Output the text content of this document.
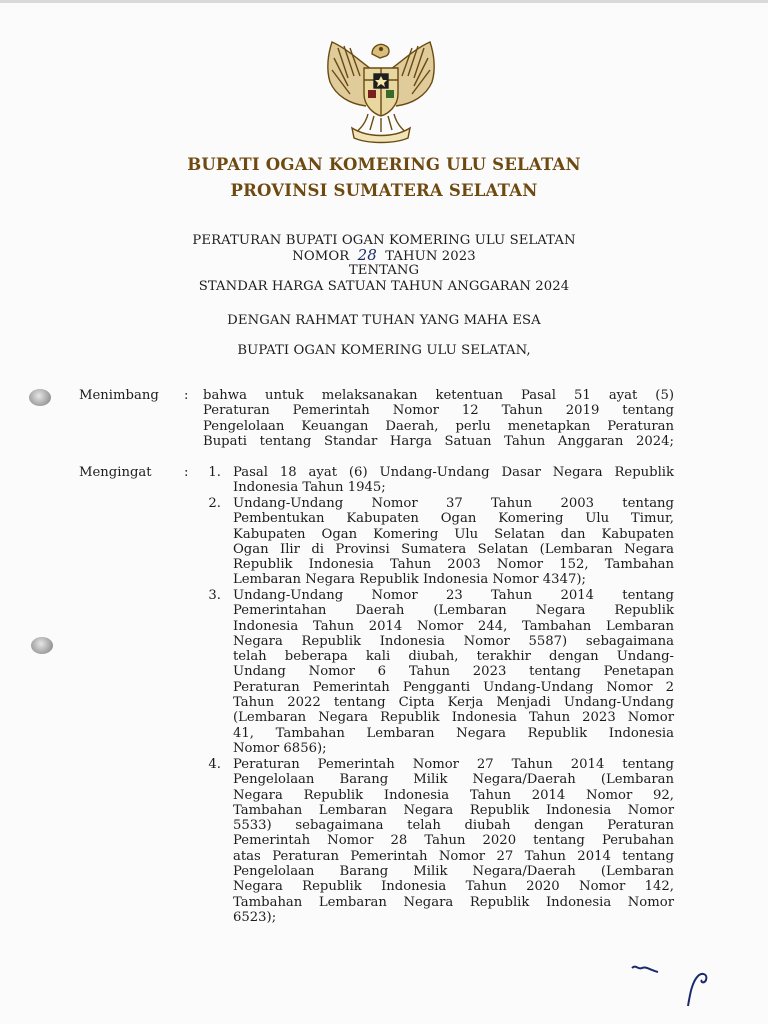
BUPATI OGAN KOMERING ULU SELATAN
PROVINSI SUMATERA SELATAN
PERATURAN BUPATI OGAN KOMERING ULU SELATAN
NOMOR 28 TAHUN 2023
TENTANG
STANDAR HARGA SATUAN TAHUN ANGGARAN 2024
DENGAN RAHMAT TUHAN YANG MAHA ESA
BUPATI OGAN KOMERING ULU SELATAN,
Menimbang : bahwa untuk melaksanakan ketentuan Pasal 51 ayat (5)
Peraturan Pemerintah Nomor 12 Tahun 2019 tentang
Pengelolaan Keuangan Daerah, perlu menetapkan Peraturan
Bupati tentang Standar Harga Satuan Tahun Anggaran 2024;
Mengingat :	1. Pasal 18 ayat (6) Undang-Undang Dasar Negara Republik
Indonesia Tahun 1945;
2. Undang-Undang Nomor 37 Tahun 2003 tentang
Pembentukan Kabupaten Ogan Komering Ulu Timur,
Kabupaten Ogan Komering Ulu Selatan dan Kabupaten
Ogan Ilir di Provinsi Sumatera Selatan (Lembaran Negara
Republik Indonesia Tahun 2003 Nomor 152, Tambahan
Lembaran Negara Republik Indonesia Nomor 4347);
3. Undang-Undang Nomor 23 Tahun 2014 tentang
Pemerintahan Daerah (Lembaran Negara Republik
Indonesia Tahun 2014 Nomor 244, Tambahan Lembaran
Negara Republik Indonesia Nomor 5587) sebagaimana
telah beberapa kali diubah, terakhir dengan Undang-
Undang Nomor 6 Tahun 2023 tentang Penetapan
Peraturan Pemerintah Pengganti Undang-Undang Nomor 2
Tahun 2022 tentang Cipta Kerja Menjadi Undang-Undang
(Lembaran Negara Republik Indonesia Tahun 2023 Nomor
41, Tambahan Lembaran Negara Republik Indonesia
Nomor 6856);
4. Peraturan Pemerintah Nomor 27 Tahun 2014 tentang
Pengelolaan Barang Milik Negara/Daerah (Lembaran
Negara Republik Indonesia Tahun 2014 Nomor 92,
Tambahan Lembaran Negara Republik Indonesia Nomor
5533) sebagaimana telah diubah dengan Peraturan
Pemerintah Nomor 28 Tahun 2020 tentang Perubahan
atas Peraturan Pemerintah Nomor 27 Tahun 2014 tentang
Pengelolaan Barang Milik Negara/Daerah (Lembaran
Negara Republik Indonesia Tahun 2020 Nomor 142,
Tambahan Lembaran Negara Republik Indonesia Nomor
6523);
